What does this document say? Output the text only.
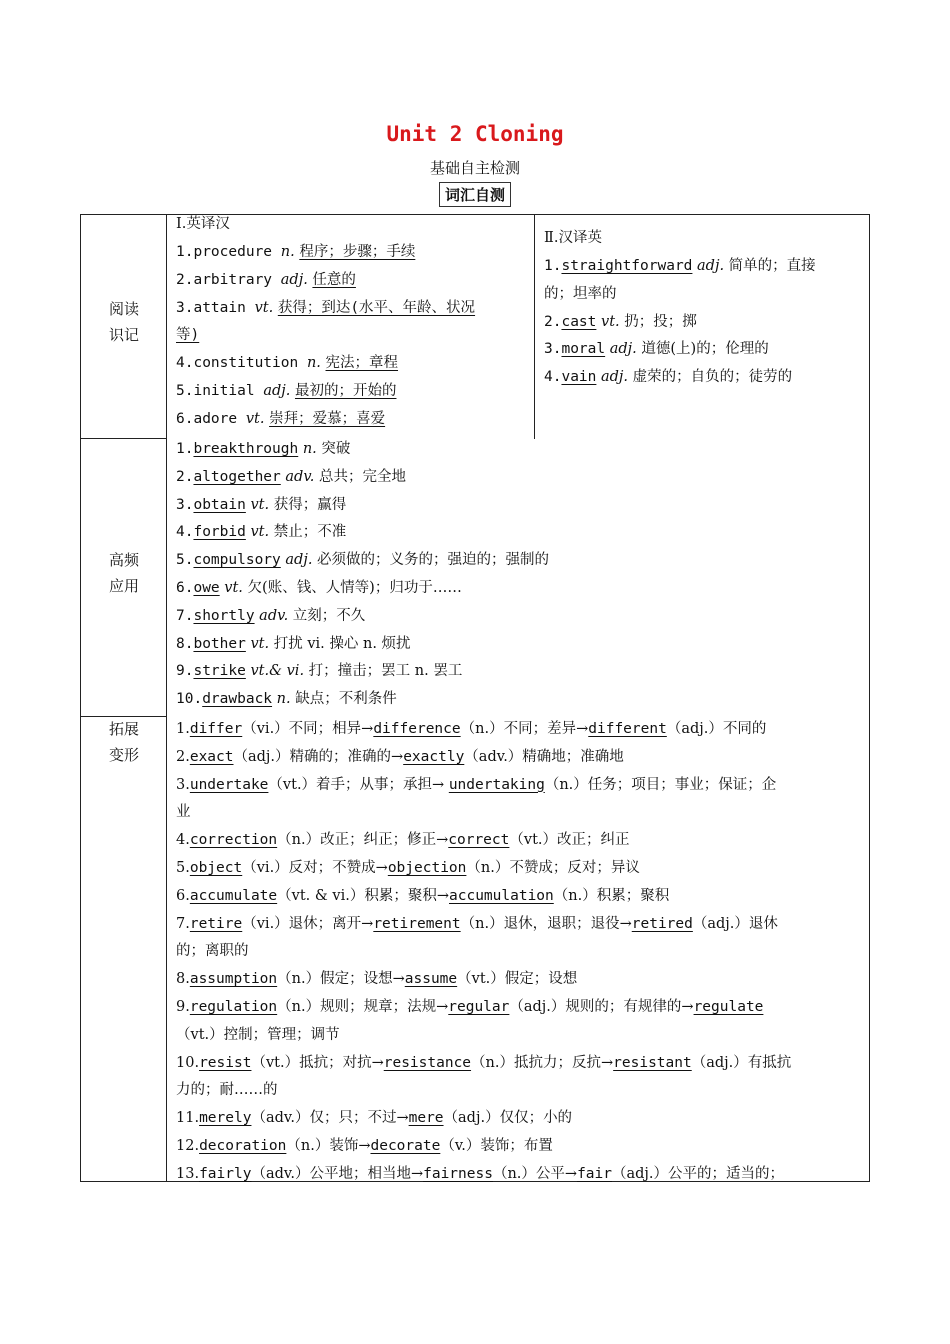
Unit 2 Cloning
基础自主检测
词汇自测
阅读
识记
高频
应用
拓展
变形
Ⅰ.英译汉
1.procedure n. 程序；步骤；手续
2.arbitrary adj. 任意的
3.attain vt. 获得；到达(水平、年龄、状况
等)
4.constitution n. 宪法；章程
5.initial adj. 最初的；开始的
6.adore vt. 崇拜；爱慕；喜爱
Ⅱ.汉译英
1.straightforward adj. 简单的；直接
的；坦率的
2.cast vt. 扔；投；掷
3.moral adj. 道德(上)的；伦理的
4.vain adj. 虚荣的；自负的；徒劳的
1.breakthrough n. 突破
2.altogether adv. 总共；完全地
3.obtain vt. 获得；赢得
4.forbid vt. 禁止；不准
5.compulsory adj. 必须做的；义务的；强迫的；强制的
6.owe vt. 欠(账、钱、人情等)；归功于……
7.shortly adv. 立刻；不久
8.bother vt. 打扰 vi. 操心 n. 烦扰
9.strike vt.& vi. 打；撞击；罢工 n. 罢工
10.drawback n. 缺点；不利条件
1.differ（vi.）不同；相异→difference（n.）不同；差异→different（adj.）不同的
2.exact（adj.）精确的；准确的→exactly（adv.）精确地；准确地
3.undertake（vt.）着手；从事；承担→ undertaking（n.）任务；项目；事业；保证；企
业
4.correction（n.）改正；纠正；修正→correct（vt.）改正；纠正
5.object（vi.）反对；不赞成→objection（n.）不赞成；反对；异议
6.accumulate（vt. & vi.）积累；聚积→accumulation（n.）积累；聚积
7.retire（vi.）退休；离开→retirement（n.）退休，退职；退役→retired（adj.）退休
的；离职的
8.assumption（n.）假定；设想→assume（vt.）假定；设想
9.regulation（n.）规则；规章；法规→regular（adj.）规则的；有规律的→regulate
（vt.）控制；管理；调节
10.resist（vt.）抵抗；对抗→resistance（n.）抵抗力；反抗→resistant（adj.）有抵抗
力的；耐……的
11.merely（adv.）仅；只；不过→mere（adj.）仅仅；小的
12.decoration（n.）装饰→decorate（v.）装饰；布置
13.fairly（adv.）公平地；相当地→fairness（n.）公平→fair（adj.）公平的；适当的；
